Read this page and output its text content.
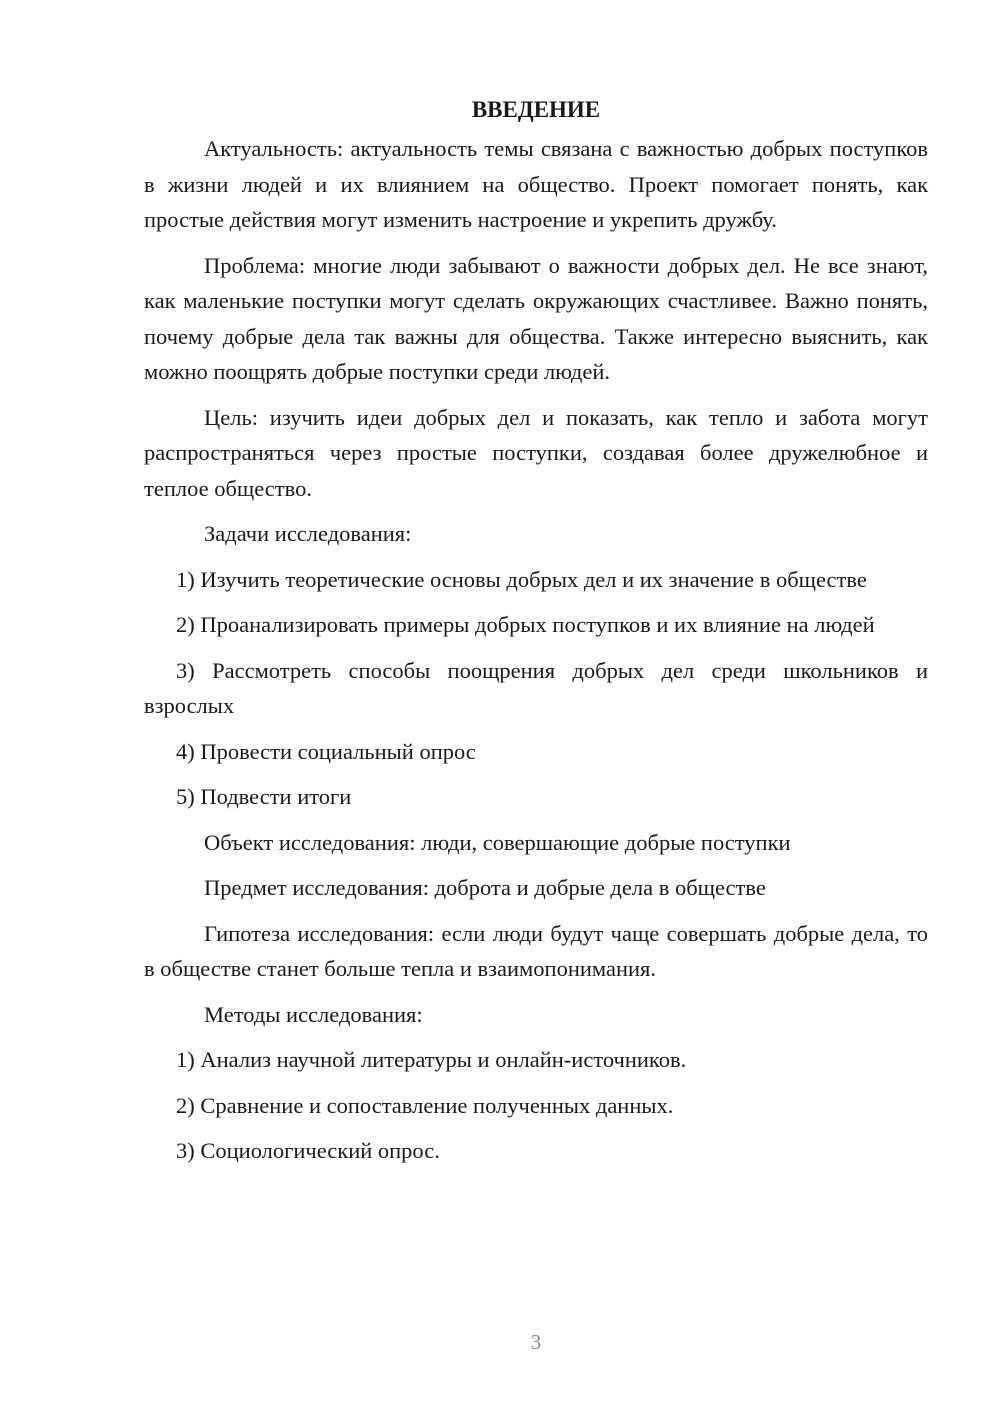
ВВЕДЕНИЕ

Актуальность: актуальность темы связана с важностью добрых поступков в жизни людей и их влиянием на общество. Проект помогает понять, как простые действия могут изменить настроение и укрепить дружбу.

Проблема: многие люди забывают о важности добрых дел. Не все знают, как маленькие поступки могут сделать окружающих счастливее. Важно понять, почему добрые дела так важны для общества. Также интересно выяснить, как можно поощрять добрые поступки среди людей.

Цель: изучить идеи добрых дел и показать, как тепло и забота могут распространяться через простые поступки, создавая более дружелюбное и теплое общество.

Задачи исследования:

1) Изучить теоретические основы добрых дел и их значение в обществе

2) Проанализировать примеры добрых поступков и их влияние на людей

3) Рассмотреть способы поощрения добрых дел среди школьников и взрослых

4) Провести социальный опрос

5) Подвести итоги

Объект исследования: люди, совершающие добрые поступки

Предмет исследования: доброта и добрые дела в обществе

Гипотеза исследования: если люди будут чаще совершать добрые дела, то в обществе станет больше тепла и взаимопонимания.

Методы исследования:

1) Анализ научной литературы и онлайн-источников.

2) Сравнение и сопоставление полученных данных.

3) Социологический опрос.

3
